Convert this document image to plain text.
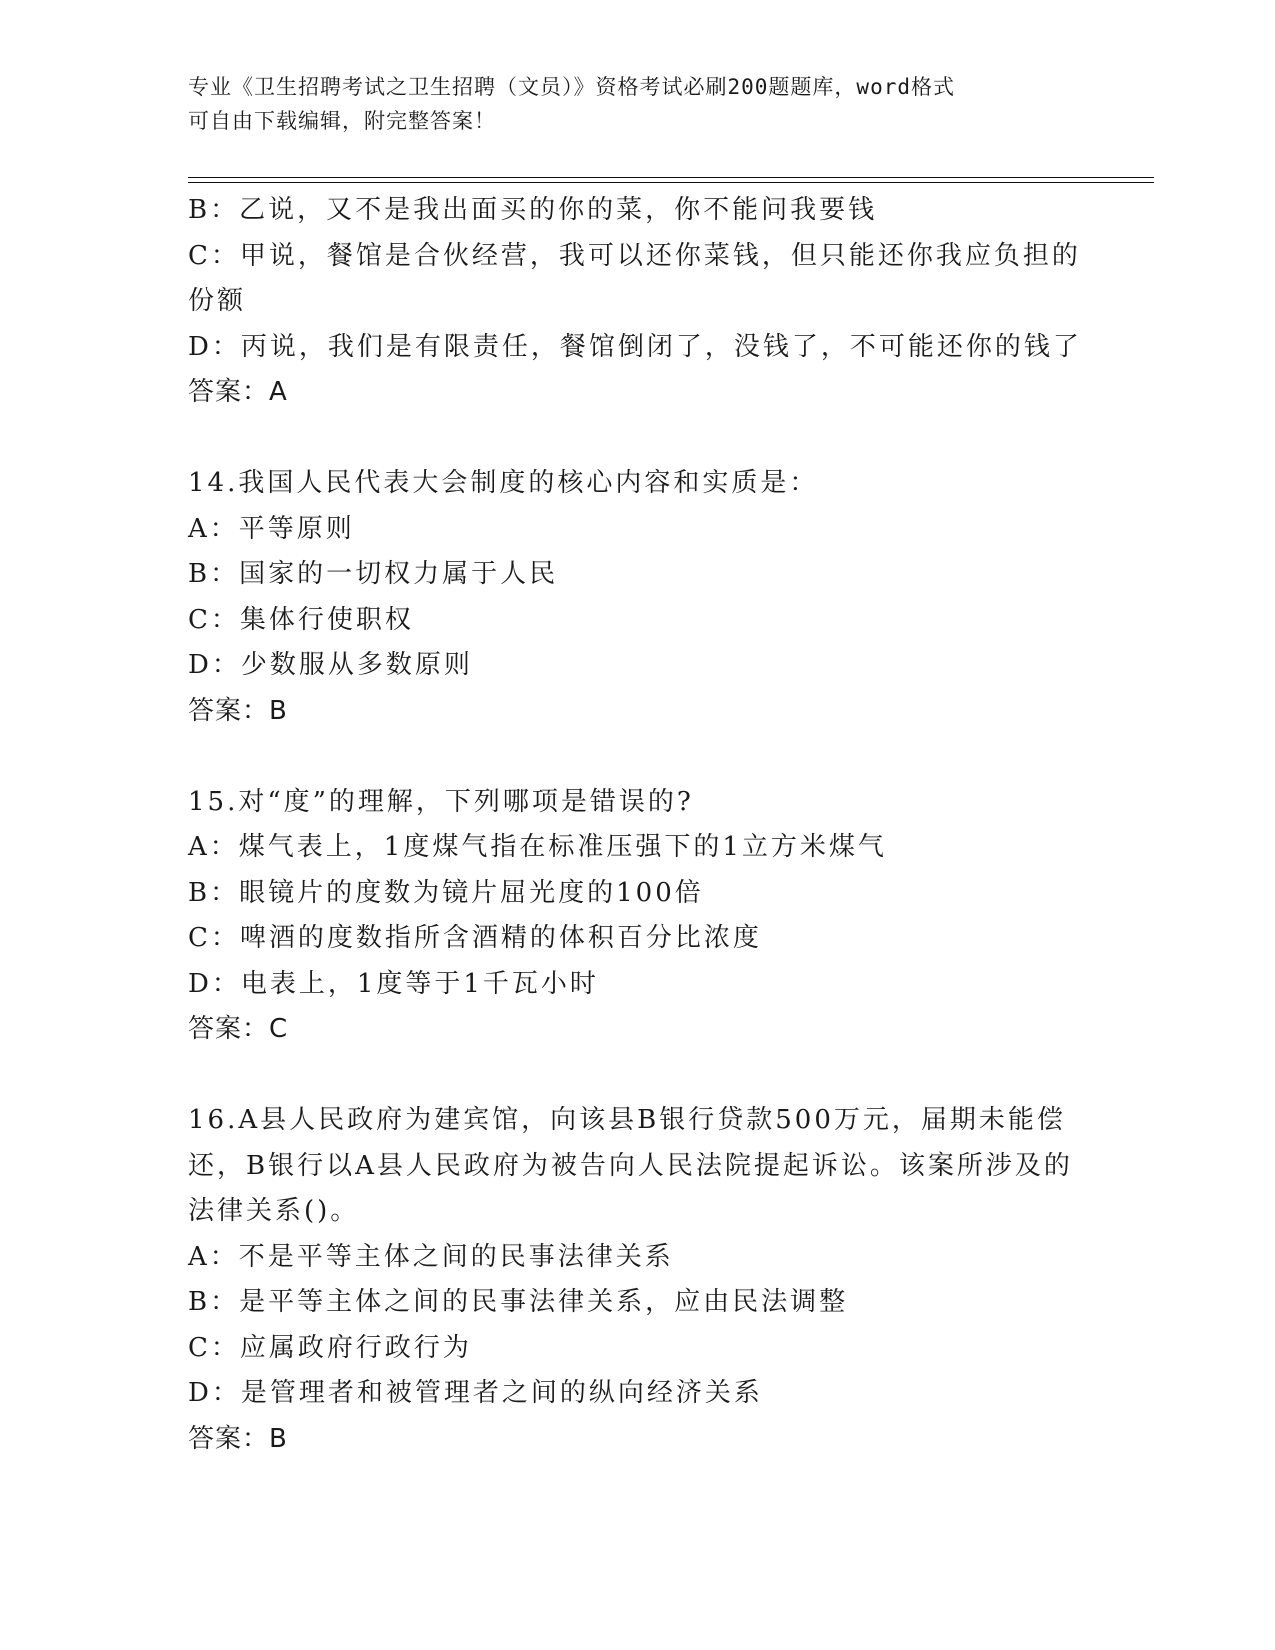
专业《卫生招聘考试之卫生招聘（文员）》资格考试必刷200题题库，word格式
可自由下载编辑，附完整答案！
B：乙说，又不是我出面买的你的菜，你不能问我要钱
C：甲说，餐馆是合伙经营，我可以还你菜钱，但只能还你我应负担的
份额
D：丙说，我们是有限责任，餐馆倒闭了，没钱了，不可能还你的钱了
答案：A
14.我国人民代表大会制度的核心内容和实质是：
A：平等原则
B：国家的一切权力属于人民
C：集体行使职权
D：少数服从多数原则
答案：B
15.对“度”的理解，下列哪项是错误的?
A：煤气表上，1度煤气指在标准压强下的1立方米煤气
B：眼镜片的度数为镜片屈光度的100倍
C：啤酒的度数指所含酒精的体积百分比浓度
D：电表上，1度等于1千瓦小时
答案：C
16.A县人民政府为建宾馆，向该县B银行贷款500万元，届期未能偿
还，B银行以A县人民政府为被告向人民法院提起诉讼。该案所涉及的
法律关系()。
A：不是平等主体之间的民事法律关系
B：是平等主体之间的民事法律关系，应由民法调整
C：应属政府行政行为
D：是管理者和被管理者之间的纵向经济关系
答案：B
